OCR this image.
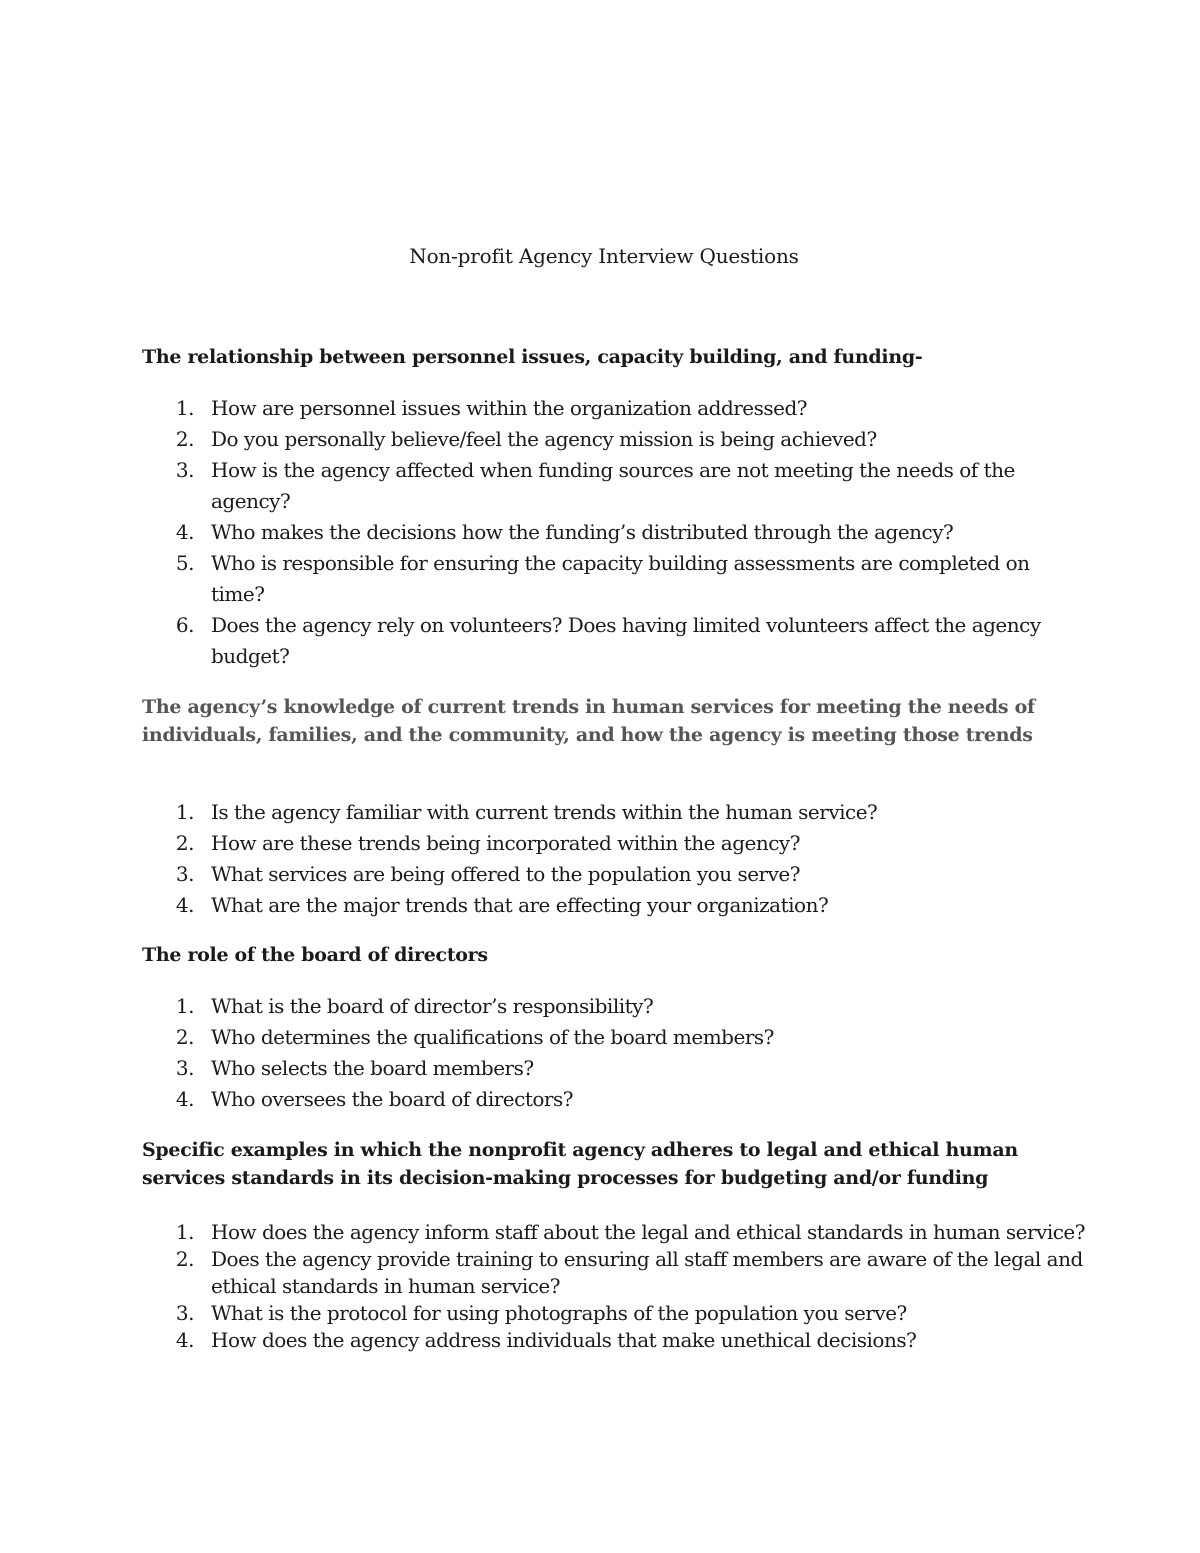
Non-profit Agency Interview Questions
The relationship between personnel issues, capacity building, and funding-
1. How are personnel issues within the organization addressed?
2. Do you personally believe/feel the agency mission is being achieved?
3. How is the agency affected when funding sources are not meeting the needs of the agency?
4. Who makes the decisions how the funding’s distributed through the agency?
5. Who is responsible for ensuring the capacity building assessments are completed on time?
6. Does the agency rely on volunteers? Does having limited volunteers affect the agency budget?
The agency’s knowledge of current trends in human services for meeting the needs of individuals, families, and the community, and how the agency is meeting those trends
1. Is the agency familiar with current trends within the human service?
2. How are these trends being incorporated within the agency?
3. What services are being offered to the population you serve?
4. What are the major trends that are effecting your organization?
The role of the board of directors
1. What is the board of director’s responsibility?
2. Who determines the qualifications of the board members?
3. Who selects the board members?
4. Who oversees the board of directors?
Specific examples in which the nonprofit agency adheres to legal and ethical human services standards in its decision-making processes for budgeting and/or funding
1. How does the agency inform staff about the legal and ethical standards in human service?
2. Does the agency provide training to ensuring all staff members are aware of the legal and ethical standards in human service?
3. What is the protocol for using photographs of the population you serve?
4. How does the agency address individuals that make unethical decisions?
